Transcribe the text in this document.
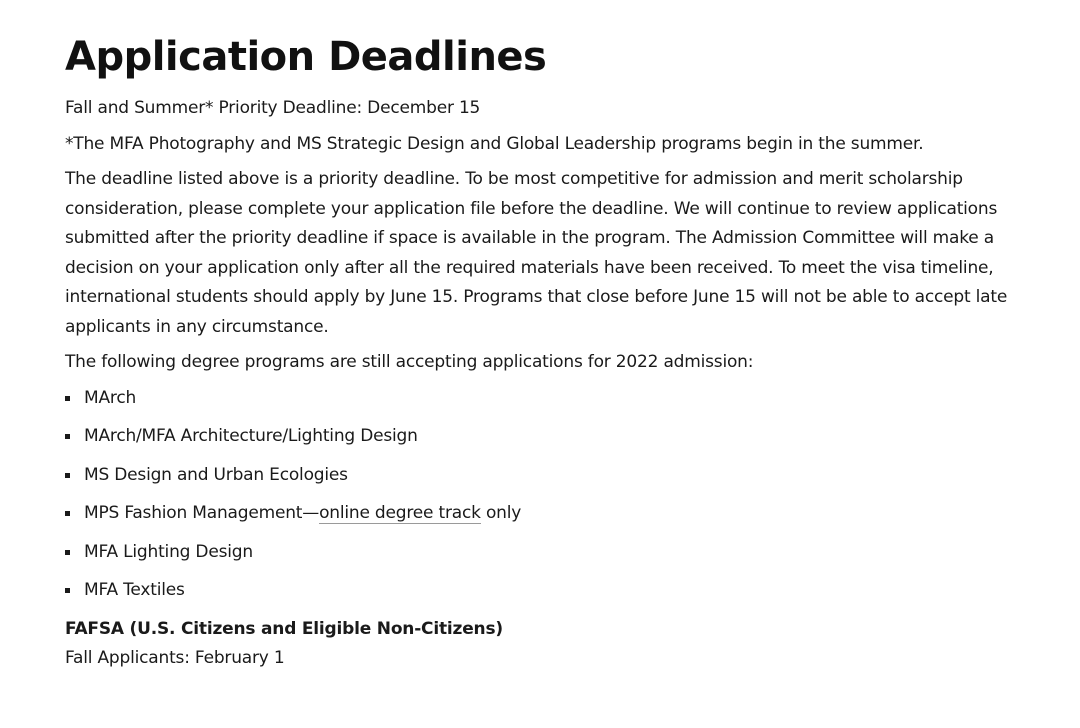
Application Deadlines

Fall and Summer* Priority Deadline: December 15

*The MFA Photography and MS Strategic Design and Global Leadership programs begin in the summer.

The deadline listed above is a priority deadline. To be most competitive for admission and merit scholarship consideration, please complete your application file before the deadline. We will continue to review applications submitted after the priority deadline if space is available in the program. The Admission Committee will make a decision on your application only after all the required materials have been received. To meet the visa timeline, international students should apply by June 15. Programs that close before June 15 will not be able to accept late applicants in any circumstance.

The following degree programs are still accepting applications for 2022 admission:

MArch
MArch/MFA Architecture/Lighting Design
MS Design and Urban Ecologies
MPS Fashion Management—online degree track only
MFA Lighting Design
MFA Textiles

FAFSA (U.S. Citizens and Eligible Non-Citizens)

Fall Applicants: February 1
